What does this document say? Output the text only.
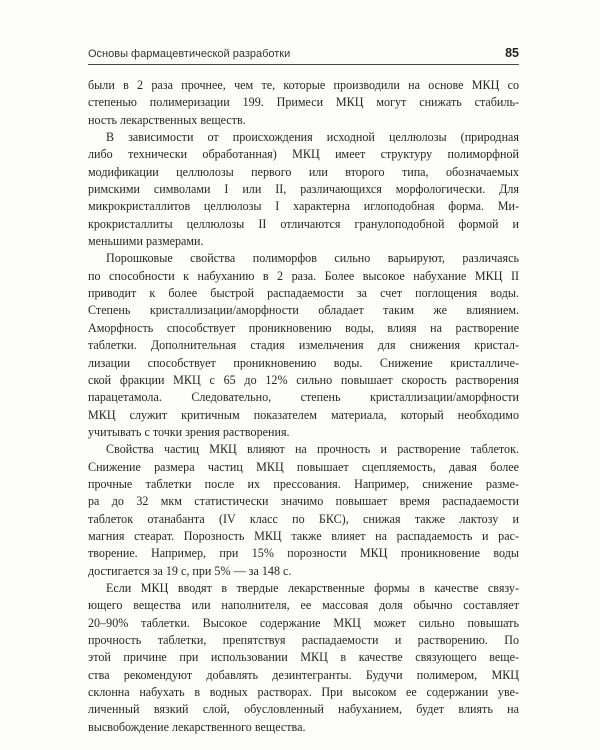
Основы фармацевтической разработки	85
были в 2 раза прочнее, чем те, которые производили на основе МКЦ со
степенью полимеризации 199. Примеси МКЦ могут снижать стабиль-
ность лекарственных веществ.
В зависимости от происхождения исходной целлюлозы (природная
либо технически обработанная) МКЦ имеет структуру полиморфной
модификации целлюлозы первого или второго типа, обозначаемых
римскими символами I или II, различающихся морфологически. Для
микрокристаллитов целлюлозы I характерна иглоподобная форма. Ми-
крокристаллиты целлюлозы II отличаются гранулоподобной формой и
меньшими размерами.
Порошковые свойства полиморфов сильно варьируют, различаясь
по способности к набуханию в 2 раза. Более высокое набухание МКЦ II
приводит к более быстрой распадаемости за счет поглощения воды.
Степень кристаллизации/аморфности обладает таким же влиянием.
Аморфность способствует проникновению воды, влияя на растворение
таблетки. Дополнительная стадия измельчения для снижения кристал-
лизации способствует проникновению воды. Снижение кристалличе-
ской фракции МКЦ с 65 до 12% сильно повышает скорость растворения
парацетамола. Следовательно, степень кристаллизации/аморфности
МКЦ служит критичным показателем материала, который необходимо
учитывать с точки зрения растворения.
Свойства частиц МКЦ влияют на прочность и растворение таблеток.
Снижение размера частиц МКЦ повышает сцепляемость, давая более
прочные таблетки после их прессования. Например, снижение разме-
ра до 32 мкм статистически значимо повышает время распадаемости
таблеток отанабанта (IV класс по БКС), снижая также лактозу и
магния стеарат. Порозность МКЦ также влияет на распадаемость и рас-
творение. Например, при 15% порозности МКЦ проникновение воды
достигается за 19 с, при 5% — за 148 с.
Если МКЦ вводят в твердые лекарственные формы в качестве связу-
ющего вещества или наполнителя, ее массовая доля обычно составляет
20–90% таблетки. Высокое содержание МКЦ может сильно повышать
прочность таблетки, препятствуя распадаемости и растворению. По
этой причине при использовании МКЦ в качестве связующего веще-
ства рекомендуют добавлять дезинтегранты. Будучи полимером, МКЦ
склонна набухать в водных растворах. При высоком ее содержании уве-
личенный вязкий слой, обусловленный набуханием, будет влиять на
высвобождение лекарственного вещества.
